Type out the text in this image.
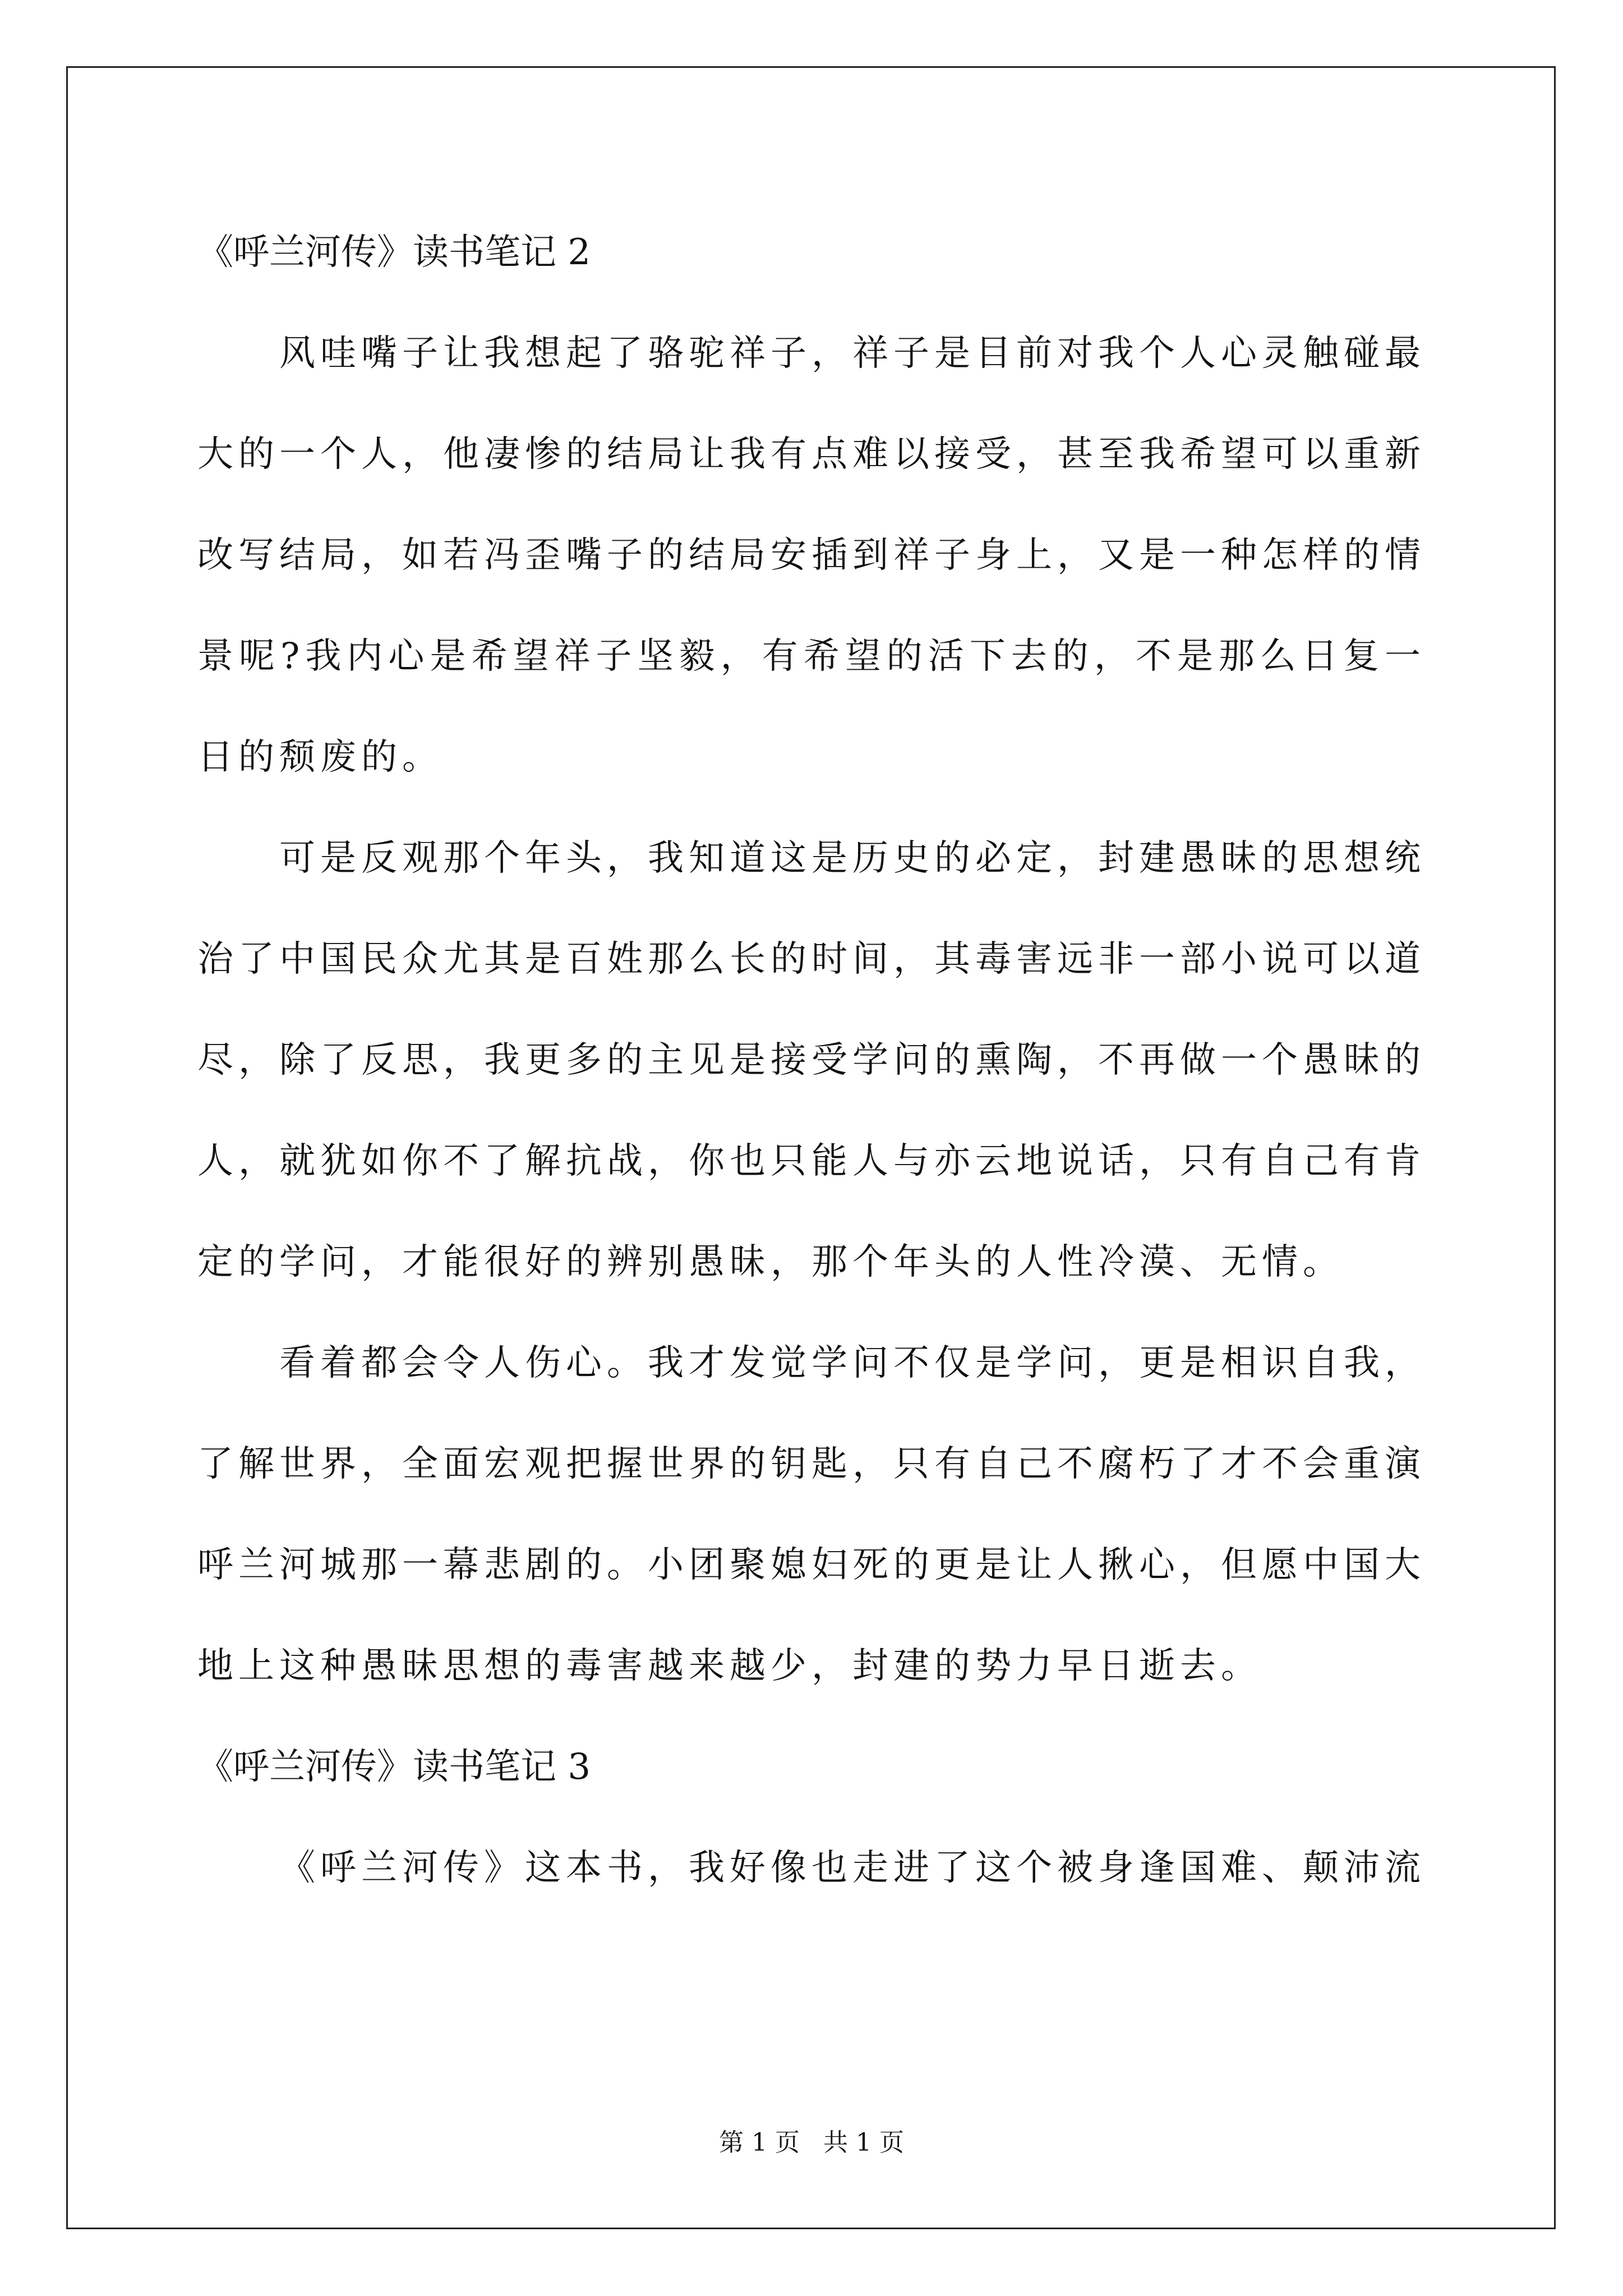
《呼兰河传》读书笔记 2

风哇嘴子让我想起了骆驼祥子，祥子是目前对我个人心灵触碰最大的一个人，他凄惨的结局让我有点难以接受，甚至我希望可以重新改写结局，如若冯歪嘴子的结局安插到祥子身上，又是一种怎样的情景呢?我内心是希望祥子坚毅，有希望的活下去的，不是那么日复一日的颓废的。

可是反观那个年头，我知道这是历史的必定，封建愚昧的思想统治了中国民众尤其是百姓那么长的时间，其毒害远非一部小说可以道尽，除了反思，我更多的主见是接受学问的熏陶，不再做一个愚昧的人，就犹如你不了解抗战，你也只能人与亦云地说话，只有自己有肯定的学问，才能很好的辨别愚昧，那个年头的人性冷漠、无情。

看着都会令人伤心。我才发觉学问不仅是学问，更是相识自我，了解世界，全面宏观把握世界的钥匙，只有自己不腐朽了才不会重演呼兰河城那一幕悲剧的。小团聚媳妇死的更是让人揪心，但愿中国大地上这种愚昧思想的毒害越来越少，封建的势力早日逝去。

《呼兰河传》读书笔记 3

《呼兰河传》这本书，我好像也走进了这个被身逢国难、颠沛流

第 1 页 共 1 页
